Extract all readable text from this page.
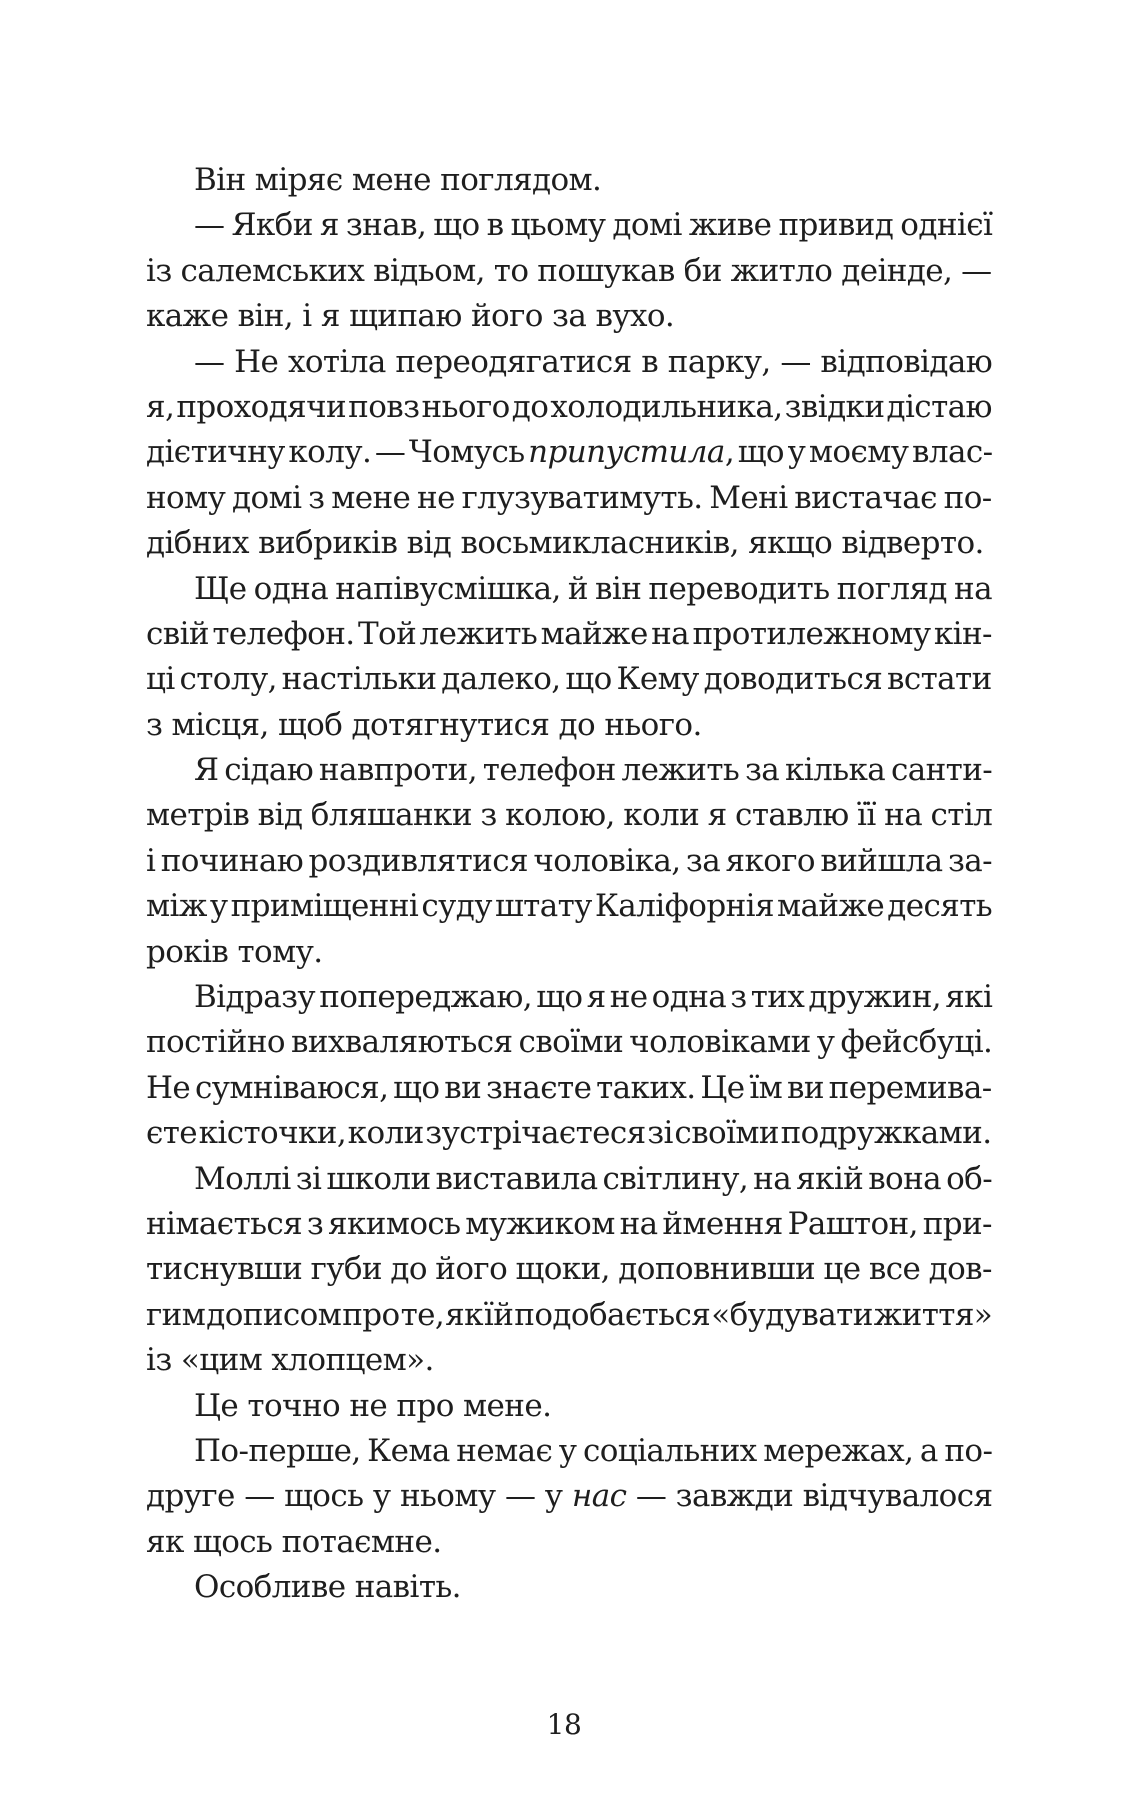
Він міряє мене поглядом.
— Якби я знав, що в цьому домі живе привид однієї
із салемських відьом, то пошукав би житло деінде, —
каже він, і я щипаю його за вухо.
— Не хотіла переодягатися в парку, — відповідаю
я, проходячи повз нього до холодильника, звідки дістаю
дієтичну колу. — Чомусь припустила, що у моєму влас-
ному домі з мене не глузуватимуть. Мені вистачає по-
дібних вибриків від восьмикласників, якщо відверто.
Ще одна напівусмішка, й він переводить погляд на
свій телефон. Той лежить майже на протилежному кін-
ці столу, настільки далеко, що Кему доводиться встати
з місця, щоб дотягнутися до нього.
Я сідаю навпроти, телефон лежить за кілька санти-
метрів від бляшанки з колою, коли я ставлю її на стіл
і починаю роздивлятися чоловіка, за якого вийшла за-
між у приміщенні суду штату Каліфорнія майже десять
років тому.
Відразу попереджаю, що я не одна з тих дружин, які
постійно вихваляються своїми чоловіками у фейсбуці.
Не сумніваюся, що ви знаєте таких. Це їм ви перемива-
єте кісточки, коли зустрічаєтеся зі своїми подружками.
Моллі зі школи виставила світлину, на якій вона об-
німається з якимось мужиком на ймення Раштон, при-
тиснувши губи до його щоки, доповнивши це все дов-
гим дописом про те, як їй подобається «будувати життя»
із «цим хлопцем».
Це точно не про мене.
По-перше, Кема немає у соціальних мережах, а по-
друге — щось у ньому — у нас — завжди відчувалося
як щось потаємне.
Особливе навіть.
18
